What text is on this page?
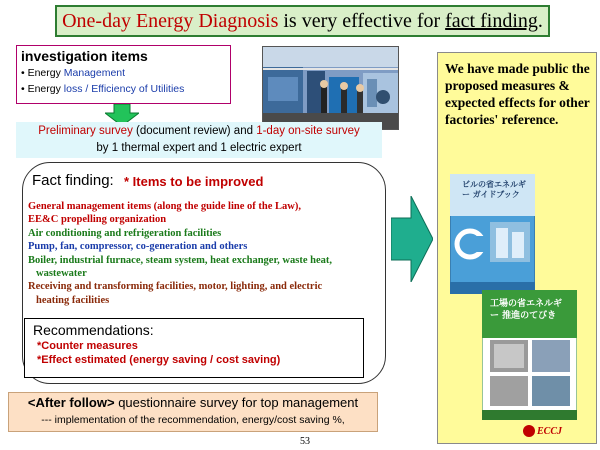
One-day Energy Diagnosis is very effective for fact finding .
investigation items
• Energy Management
• Energy loss / Efficiency of Utilities
Preliminary survey (document review) and 1-day on-site survey
by 1 thermal expert and 1 electric expert
Fact finding: * Items to be improved
General management items (along the guide line of the Law),
EE&C propelling organization
Air conditioning and refrigeration facilities
Pump, fan, compressor, co-generation and others
Boiler, industrial furnace, steam system, heat exchanger, waste heat,
wastewater
Receiving and transforming facilities, motor, lighting, and electric
heating facilities
Recommendations:
*Counter measures
*Effect estimated (energy saving / cost saving)
<After follow> questionnaire survey for top management
--- implementation of the recommendation, energy/cost saving %,
53
We have made public the proposed measures & expected effects for other factories' reference.
ビルの省エネルギー ガイドブック
工場の省エネルギー 推進のてびき
ECCJ
